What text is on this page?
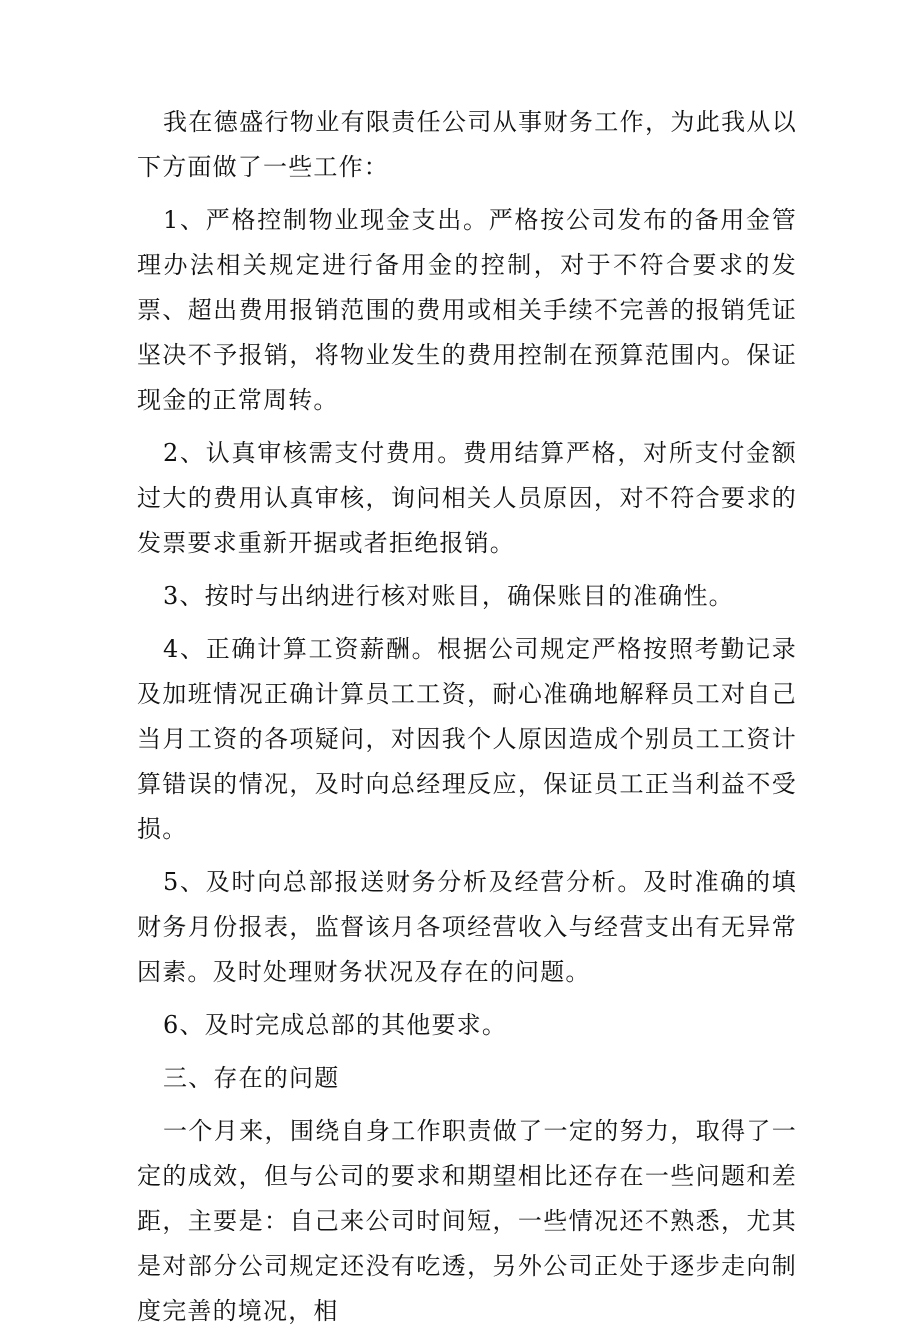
我在德盛行物业有限责任公司从事财务工作，为此我从以下方面做了一些工作：

1、严格控制物业现金支出。严格按公司发布的备用金管理办法相关规定进行备用金的控制，对于不符合要求的发票、超出费用报销范围的费用或相关手续不完善的报销凭证坚决不予报销，将物业发生的费用控制在预算范围内。保证现金的正常周转。

2、认真审核需支付费用。费用结算严格，对所支付金额过大的费用认真审核，询问相关人员原因，对不符合要求的发票要求重新开据或者拒绝报销。

3、按时与出纳进行核对账目，确保账目的准确性。

4、正确计算工资薪酬。根据公司规定严格按照考勤记录及加班情况正确计算员工工资，耐心准确地解释员工对自己当月工资的各项疑问，对因我个人原因造成个别员工工资计算错误的情况，及时向总经理反应，保证员工正当利益不受损。

5、及时向总部报送财务分析及经营分析。及时准确的填财务月份报表，监督该月各项经营收入与经营支出有无异常因素。及时处理财务状况及存在的问题。

6、及时完成总部的其他要求。

三、存在的问题

一个月来，围绕自身工作职责做了一定的努力，取得了一定的成效，但与公司的要求和期望相比还存在一些问题和差距，主要是：自己来公司时间短，一些情况还不熟悉，尤其是对部分公司规定还没有吃透，另外公司正处于逐步走向制度完善的境况，相
